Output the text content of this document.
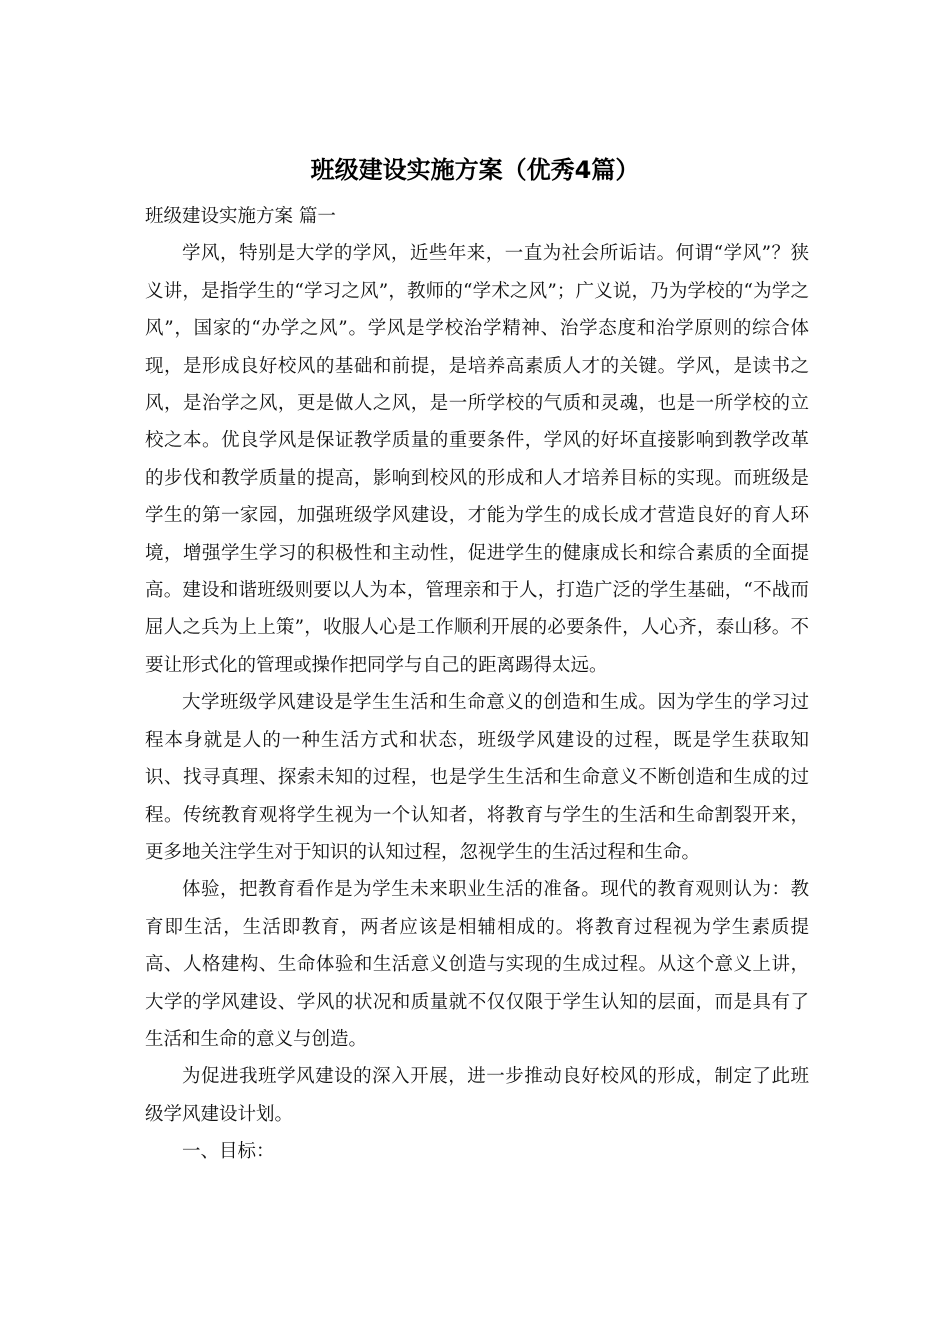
班级建设实施方案（优秀4篇）

班级建设实施方案 篇一

学风，特别是大学的学风，近些年来，一直为社会所诟诘。何谓“学风”？狭义讲，是指学生的“学习之风”，教师的“学术之风”；广义说，乃为学校的“为学之风”，国家的“办学之风”。学风是学校治学精神、治学态度和治学原则的综合体现，是形成良好校风的基础和前提，是培养高素质人才的关键。学风，是读书之风，是治学之风，更是做人之风，是一所学校的气质和灵魂，也是一所学校的立校之本。优良学风是保证教学质量的重要条件，学风的好坏直接影响到教学改革的步伐和教学质量的提高，影响到校风的形成和人才培养目标的实现。而班级是学生的第一家园，加强班级学风建设，才能为学生的成长成才营造良好的育人环境，增强学生学习的积极性和主动性，促进学生的健康成长和综合素质的全面提高。建设和谐班级则要以人为本，管理亲和于人，打造广泛的学生基础，“不战而屈人之兵为上上策”，收服人心是工作顺利开展的必要条件，人心齐，泰山移。不要让形式化的管理或操作把同学与自己的距离踢得太远。

大学班级学风建设是学生生活和生命意义的创造和生成。因为学生的学习过程本身就是人的一种生活方式和状态，班级学风建设的过程，既是学生获取知识、找寻真理、探索未知的过程，也是学生生活和生命意义不断创造和生成的过程。传统教育观将学生视为一个认知者，将教育与学生的生活和生命割裂开来，更多地关注学生对于知识的认知过程，忽视学生的生活过程和生命。

体验，把教育看作是为学生未来职业生活的准备。现代的教育观则认为：教育即生活，生活即教育，两者应该是相辅相成的。将教育过程视为学生素质提高、人格建构、生命体验和生活意义创造与实现的生成过程。从这个意义上讲，大学的学风建设、学风的状况和质量就不仅仅限于学生认知的层面，而是具有了生活和生命的意义与创造。

为促进我班学风建设的深入开展，进一步推动良好校风的形成，制定了此班级学风建设计划。

一、目标：
